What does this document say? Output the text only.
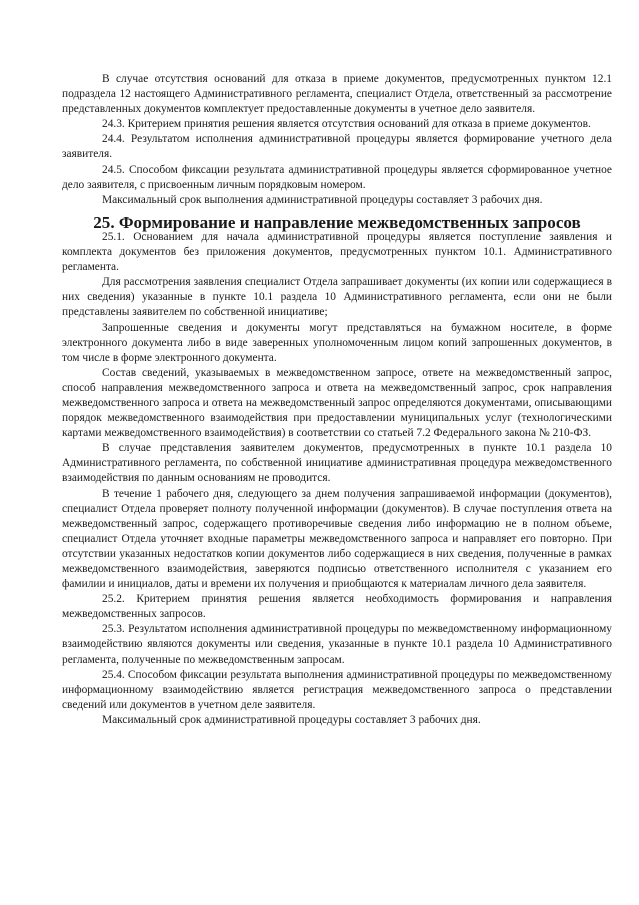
В случае отсутствия оснований для отказа в приеме документов, предусмотренных пунктом 12.1 подраздела 12 настоящего Административного регламента, специалист Отдела, ответственный за рассмотрение представленных документов комплектует предоставленные документы в учетное дело заявителя.

24.3. Критерием принятия решения является отсутствия оснований для отказа в приеме документов.

24.4. Результатом исполнения административной процедуры является формирование учетного дела заявителя.

24.5. Способом фиксации результата административной процедуры является сформированное учетное дело заявителя, с присвоенным личным порядковым номером.

Максимальный срок выполнения административной процедуры составляет 3 рабочих дня.

25. Формирование и направление межведомственных запросов

25.1. Основанием для начала административной процедуры является поступление заявления и комплекта документов без приложения документов, предусмотренных пунктом 10.1. Административного регламента.

Для рассмотрения заявления специалист Отдела запрашивает документы (их копии или содержащиеся в них сведения) указанные в пункте 10.1 раздела 10 Административного регламента, если они не были представлены заявителем по собственной инициативе;

Запрошенные сведения и документы могут представляться на бумажном носителе, в форме электронного документа либо в виде заверенных уполномоченным лицом копий запрошенных документов, в том числе в форме электронного документа.

Состав сведений, указываемых в межведомственном запросе, ответе на межведомственный запрос, способ направления межведомственного запроса и ответа на межведомственный запрос, срок направления межведомственного запроса и ответа на межведомственный запрос определяются документами, описывающими порядок межведомственного взаимодействия при предоставлении муниципальных услуг (технологическими картами межведомственного взаимодействия) в соответствии со статьей 7.2 Федерального закона № 210-ФЗ.

В случае представления заявителем документов, предусмотренных в пункте 10.1 раздела 10 Административного регламента, по собственной инициативе административная процедура межведомственного взаимодействия по данным основаниям не проводится.

В течение 1 рабочего дня, следующего за днем получения запрашиваемой информации (документов), специалист Отдела проверяет полноту полученной информации (документов). В случае поступления ответа на межведомственный запрос, содержащего противоречивые сведения либо информацию не в полном объеме, специалист Отдела уточняет входные параметры межведомственного запроса и направляет его повторно. При отсутствии указанных недостатков копии документов либо содержащиеся в них сведения, полученные в рамках межведомственного взаимодействия, заверяются подписью ответственного исполнителя с указанием его фамилии и инициалов, даты и времени их получения и приобщаются к материалам личного дела заявителя.

25.2. Критерием принятия решения является необходимость формирования и направления межведомственных запросов.

25.3. Результатом исполнения административной процедуры по межведомственному информационному взаимодействию являются документы или сведения, указанные в пункте 10.1 раздела 10 Административного регламента, полученные по межведомственным запросам.

25.4. Способом фиксации результата выполнения административной процедуры по межведомственному информационному взаимодействию является регистрация межведомственного запроса о представлении сведений или документов в учетном деле заявителя.

Максимальный срок административной процедуры составляет 3 рабочих дня.
